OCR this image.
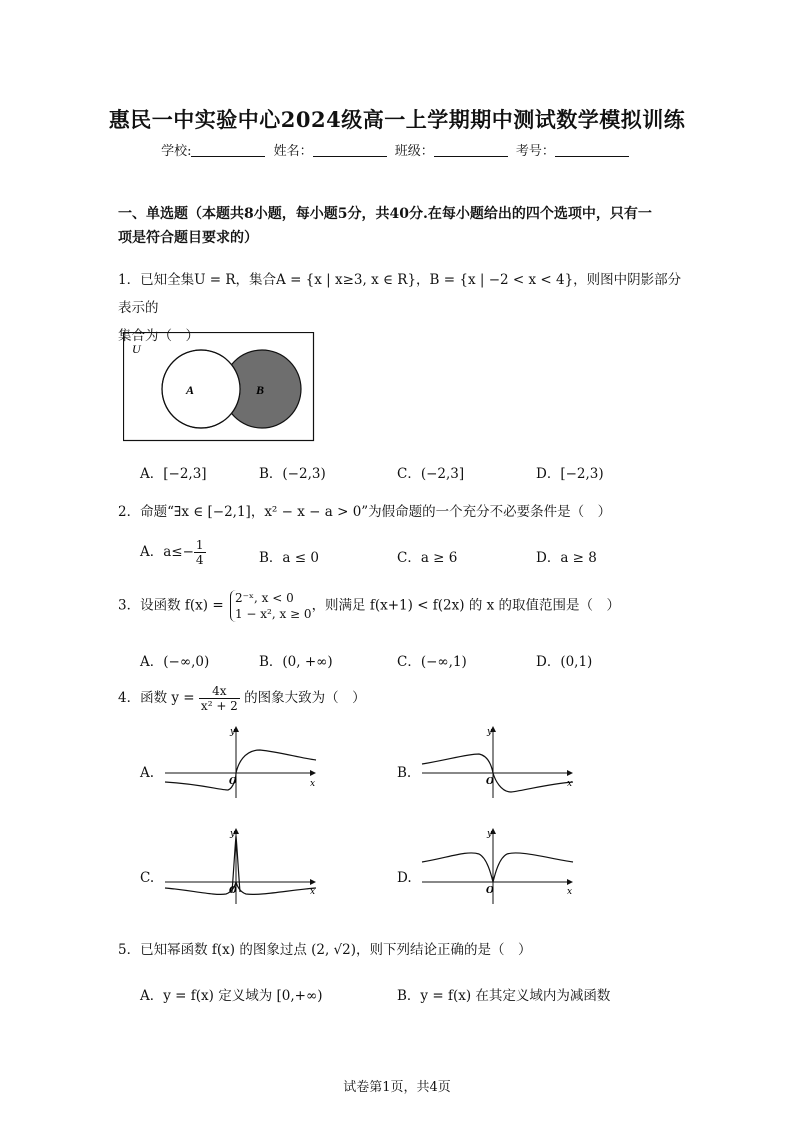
惠民一中实验中心2024级高一上学期期中测试数学模拟训练
学校:	姓名：	班级：	考号：
一、单选题（本题共8小题，每小题5分，共40分.在每小题给出的四个选项中，只有一
项是符合题目要求的）
1．已知全集U = R，集合A = {x | x≥3, x ∈ R}，B = {x | −2 < x < 4}，则图中阴影部分表示的
集合为（　）
U
A	B
A．[−2,3]	B．(−2,3)	C．(−2,3]	D．[−2,3)
2．命题“∃x ∈ [−2,1]，x² − x − a > 0”为假命题的一个充分不必要条件是（　）
A．$a\le- \frac{1}{4}$	B．a ≤ 0	C．a ≥ 6	D．a ≥ 8
3．设函数 f(x) = 2⁻ˣ, x < 0
1 − x², x ≥ 0
，则满足 f(x+1) < f(2x) 的 x 的取值范围是（　）
A．(−∞,0)	B．(0, +∞)	C．(−∞,1)	D．(0,1)
4．函数 $y = \frac{4x}{\text{x² + 2}}$ 的图象大致为（　）
A.
y
x
O
B.
y
x
O
C.
y
x
O
D.
y
x
O
5．已知幂函数 f(x) 的图象过点 (2, √2)，则下列结论正确的是（　）
A．y = f(x) 定义域为 [0,+∞)	B．y = f(x) 在其定义域内为减函数
试卷第1页，共4页
